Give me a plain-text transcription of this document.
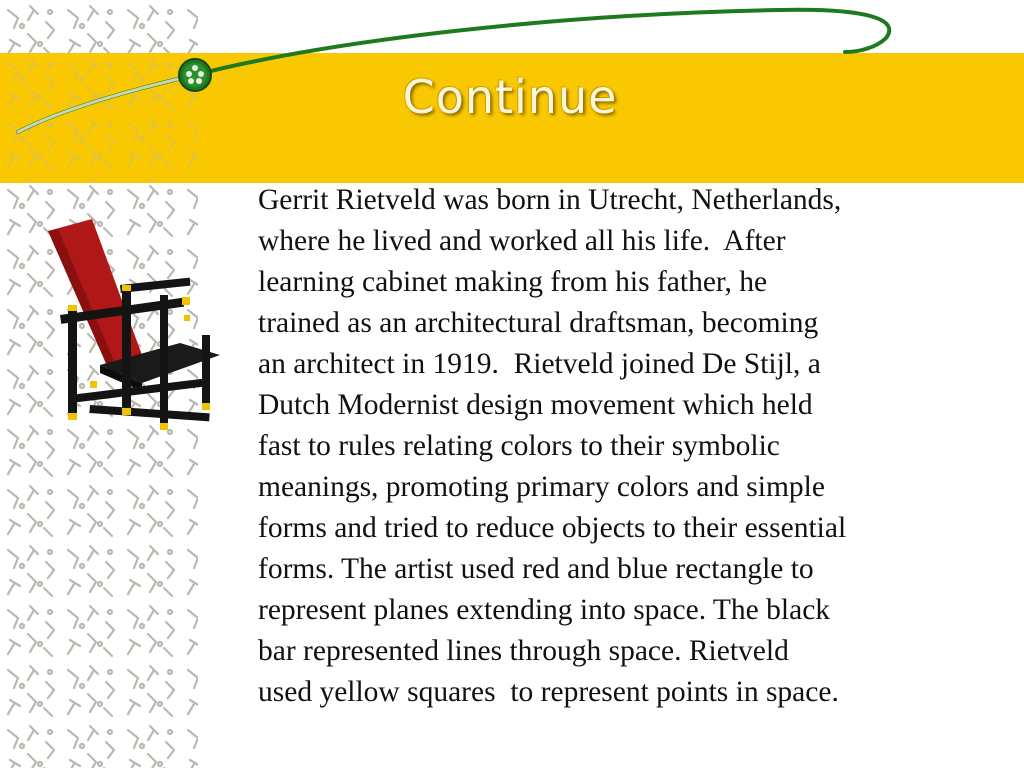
Continue

Gerrit Rietveld was born in Utrecht, Netherlands,
where he lived and worked all his life.  After
learning cabinet making from his father, he
trained as an architectural draftsman, becoming
an architect in 1919.  Rietveld joined De Stijl, a
Dutch Modernist design movement which held
fast to rules relating colors to their symbolic
meanings, promoting primary colors and simple
forms and tried to reduce objects to their essential
forms. The artist used red and blue rectangle to
represent planes extending into space. The black
bar represented lines through space. Rietveld
used yellow squares  to represent points in space.
